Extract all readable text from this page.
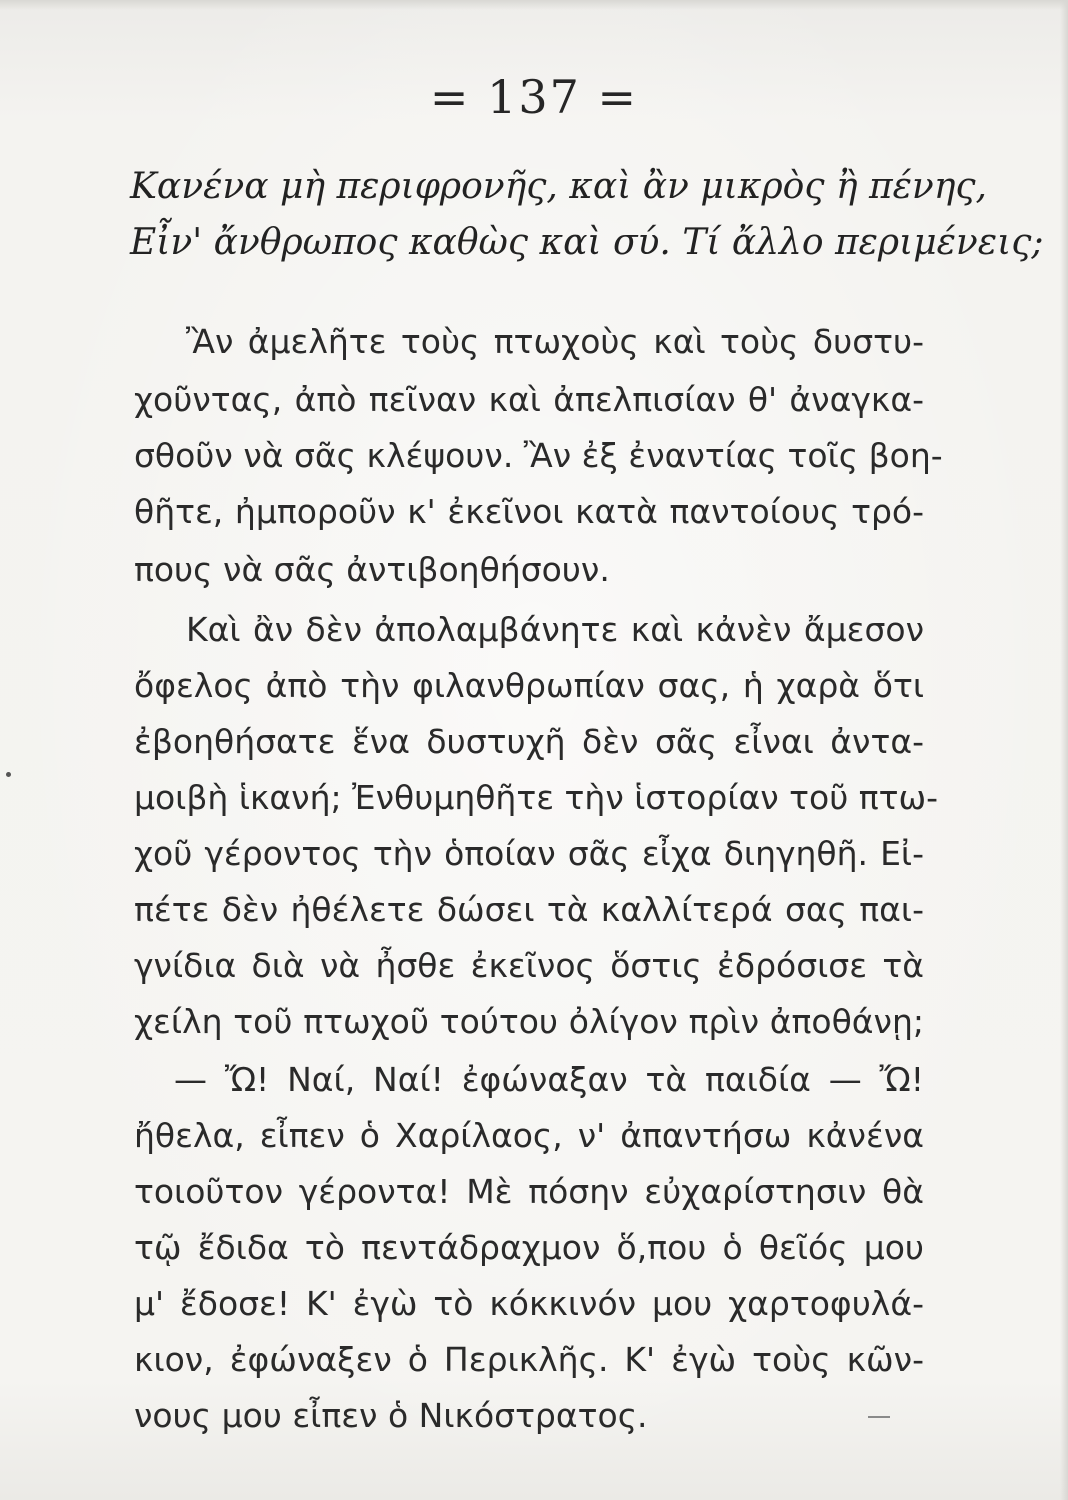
= 137 =
Κανένα μὴ περιφρονῆς, καὶ ἂν μικρὸς ἢ πένης,
Εἶν' ἄνθρωπος καθὼς καὶ σύ. Τί ἄλλο περιμένεις;
Ἂν ἀμελῆτε τοὺς πτωχοὺς καὶ τοὺς δυστυ-
χοῦντας, ἀπὸ πεῖναν καὶ ἀπελπισίαν θ' ἀναγκα-
σθοῦν νὰ σᾶς κλέψουν. Ἂν ἐξ ἐναντίας τοῖς βοη-
θῆτε, ἠμποροῦν κ' ἐκεῖνοι κατὰ παντοίους τρό-
πους νὰ σᾶς ἀντιβοηθήσουν.
Καὶ ἂν δὲν ἀπολαμβάνητε καὶ κἀνὲν ἄμεσον
ὄφελος ἀπὸ τὴν φιλανθρωπίαν σας, ἡ χαρὰ ὅτι
ἐβοηθήσατε ἕνα δυστυχῆ δὲν σᾶς εἶναι ἀντα-
μοιβὴ ἱκανή; Ἐνθυμηθῆτε τὴν ἱστορίαν τοῦ πτω-
χοῦ γέροντος τὴν ὁποίαν σᾶς εἶχα διηγηθῆ. Εἰ-
πέτε δὲν ἠθέλετε δώσει τὰ καλλίτερά σας παι-
γνίδια διὰ νὰ ἦσθε ἐκεῖνος ὅστις ἐδρόσισε τὰ
χείλη τοῦ πτωχοῦ τούτου ὀλίγον πρὶν ἀποθάνῃ;
— Ὤ! Ναί, Ναί! ἐφώναξαν τὰ παιδία — Ὤ!
ἤθελα, εἶπεν ὁ Χαρίλαος, ν' ἀπαντήσω κἀνένα
τοιοῦτον γέροντα! Μὲ πόσην εὐχαρίστησιν θὰ
τῷ ἔδιδα τὸ πεντάδραχμον ὅ,που ὁ θεῖός μου
μ' ἔδοσε! Κ' ἐγὼ τὸ κόκκινόν μου χαρτοφυλά-
κιον, ἐφώναξεν ὁ Περικλῆς. Κ' ἐγὼ τοὺς κῶν-
νους μου εἶπεν ὁ Νικόστρατος.
